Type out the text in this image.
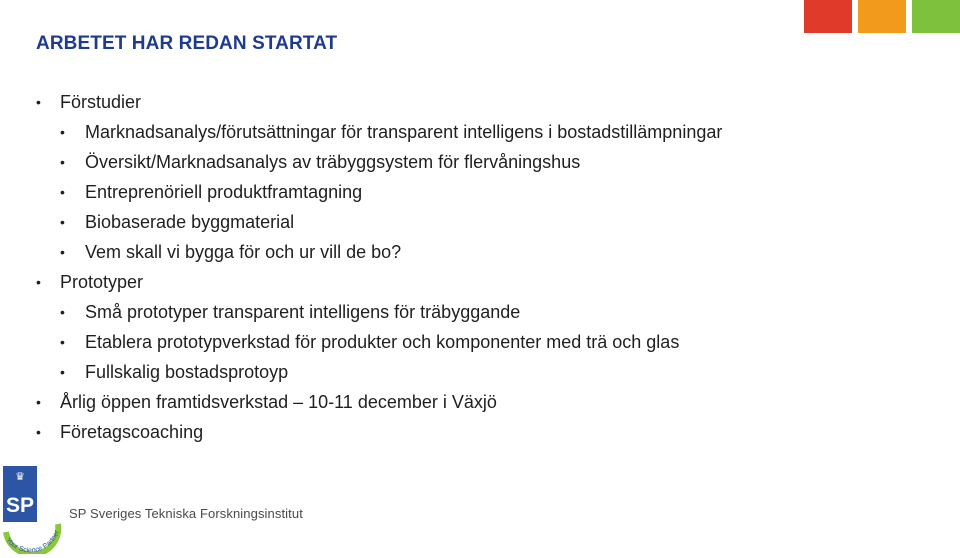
ARBETET HAR REDAN STARTAT
• Förstudier
• Marknadsanalys/förutsättningar för transparent intelligens i bostadstillämpningar
• Översikt/Marknadsanalys av träbyggsystem för flervåningshus
• Entreprenöriell produktframtagning
• Biobaserade byggmaterial
• Vem skall vi bygga för och ur vill de bo?
• Prototyper
• Små prototyper transparent intelligens för träbyggande
• Etablera prototypverkstad för produkter och komponenter med trä och glas
• Fullskalig bostadsprotoyp
• Årlig öppen framtidsverkstad – 10-11 december i Växjö
• Företagscoaching
♛
SP
Your Science Partner
SP Sveriges Tekniska Forskningsinstitut
